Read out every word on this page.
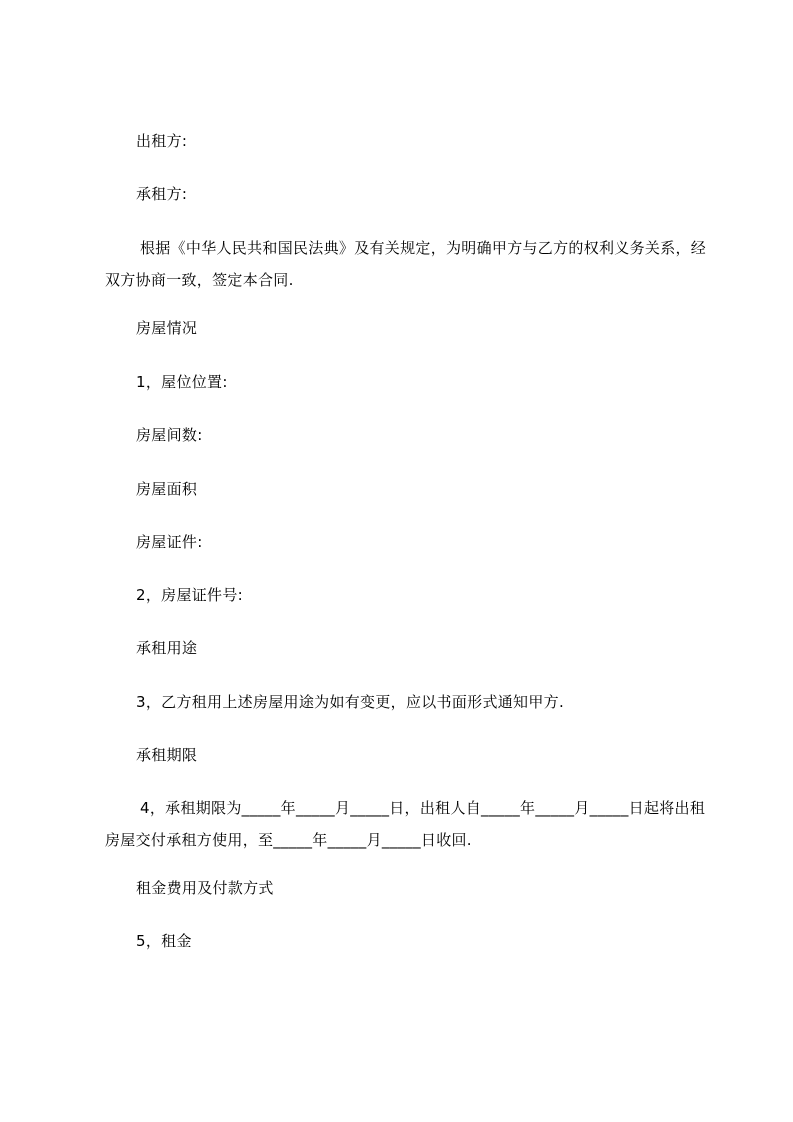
出租方:
承租方:
根据《中华人民共和国民法典》及有关规定，为明确甲方与乙方的权利义务关系，经双方协商一致，签定本合同.
房屋情况
1，屋位位置:
房屋间数:
房屋面积
房屋证件:
2，房屋证件号:
承租用途
3，乙方租用上述房屋用途为如有变更，应以书面形式通知甲方.
承租期限
4，承租期限为_____年_____月_____日，出租人自_____年_____月_____日起将出租房屋交付承租方使用，至_____年_____月_____日收回.
租金费用及付款方式
5，租金
